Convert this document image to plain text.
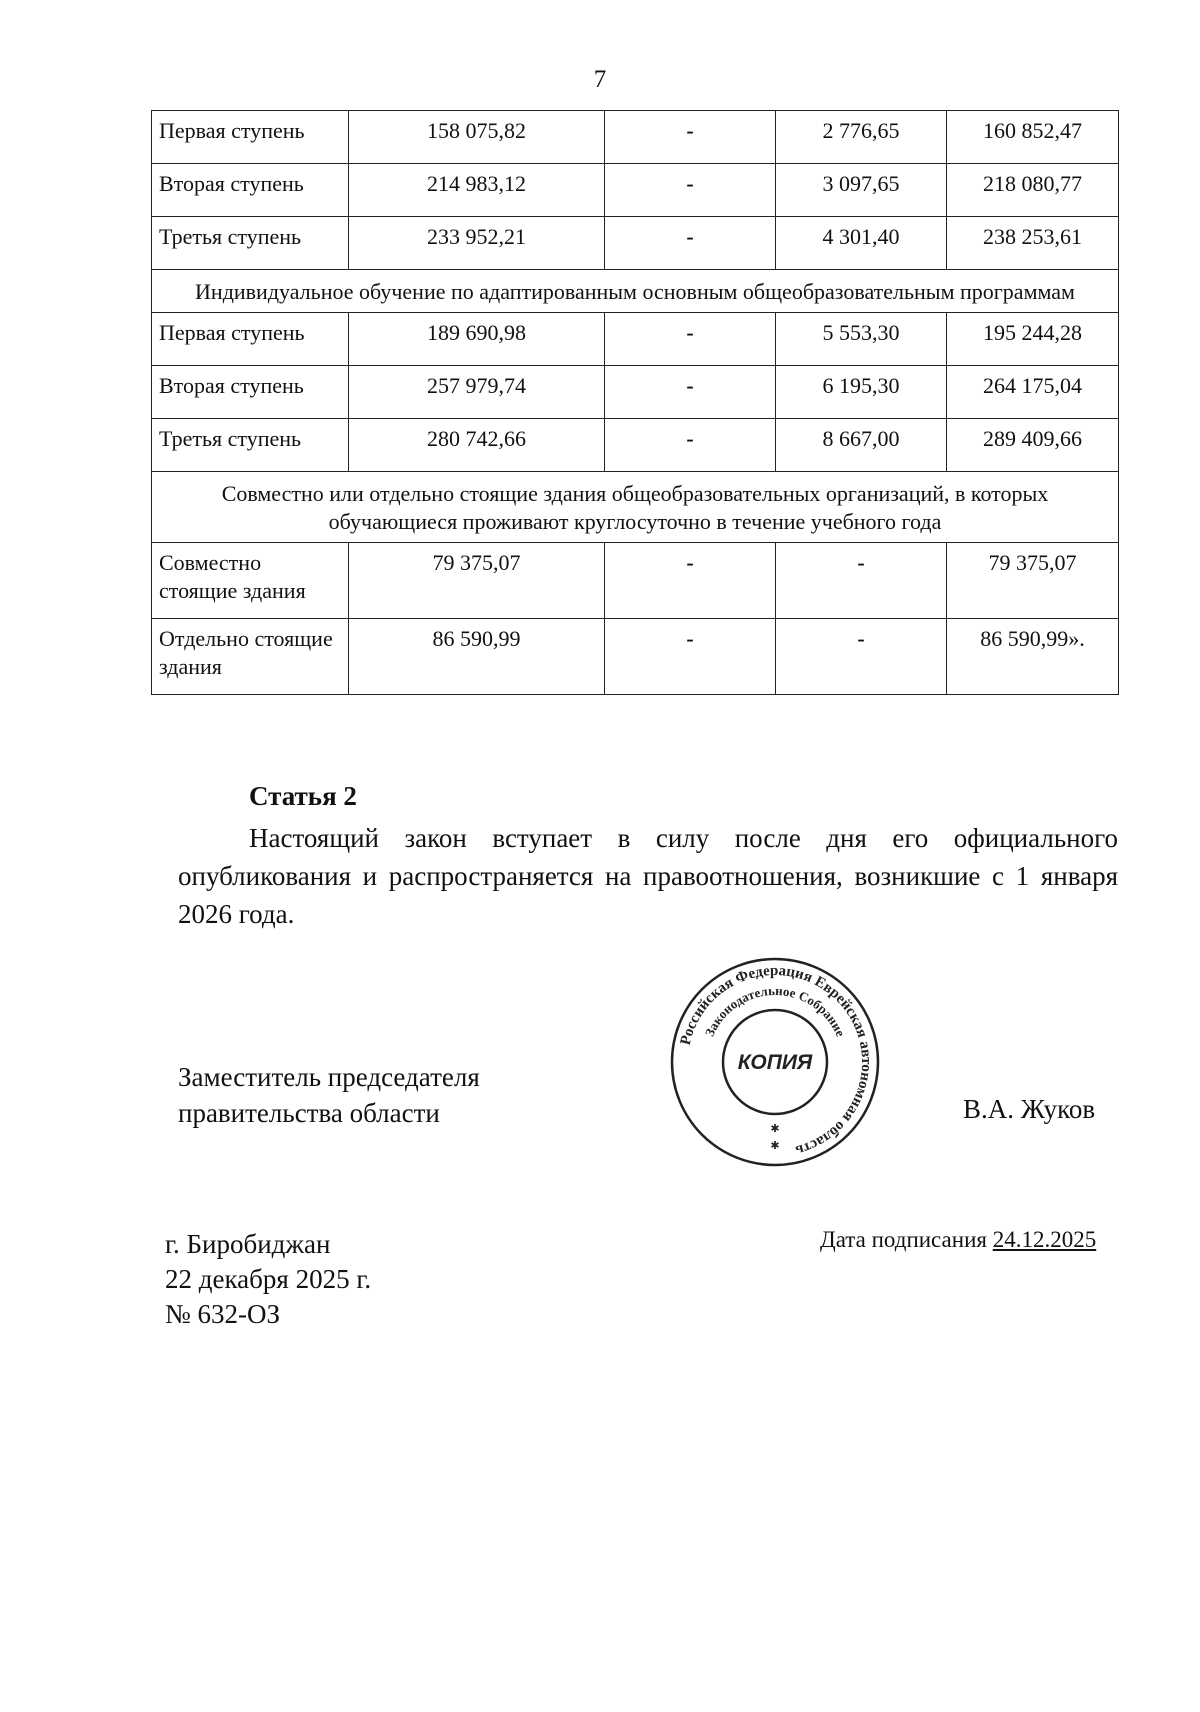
7
Первая ступень	158 075,82	-	2 776,65	160 852,47
Вторая ступень	214 983,12	-	3 097,65	218 080,77
Третья ступень	233 952,21	-	4 301,40	238 253,61
Индивидуальное обучение по адаптированным основным общеобразовательным программам				
Первая ступень	189 690,98	-	5 553,30	195 244,28
Вторая ступень	257 979,74	-	6 195,30	264 175,04
Третья ступень	280 742,66	-	8 667,00	289 409,66
Совместно или отдельно стоящие здания общеобразовательных организаций, в которых обучающиеся проживают круглосуточно в течение учебного года				
Совместно стоящие здания	79 375,07	-	-	79 375,07
Отдельно стоящие здания	86 590,99	-	-	86 590,99».
Статья 2

Настоящий закон вступает в силу после дня его официального опубликования и распространяется на правоотношения, возникшие с 1 января 2026 года.

Заместитель председателя
правительства области
Российская Федерация Еврейская автономная область
Законодательное Собрание
КОПИЯ
✱
✱
В.А. Жуков
г. Биробиджан
22 декабря 2025 г.
№ 632-ОЗ
Дата подписания 24.12.2025
